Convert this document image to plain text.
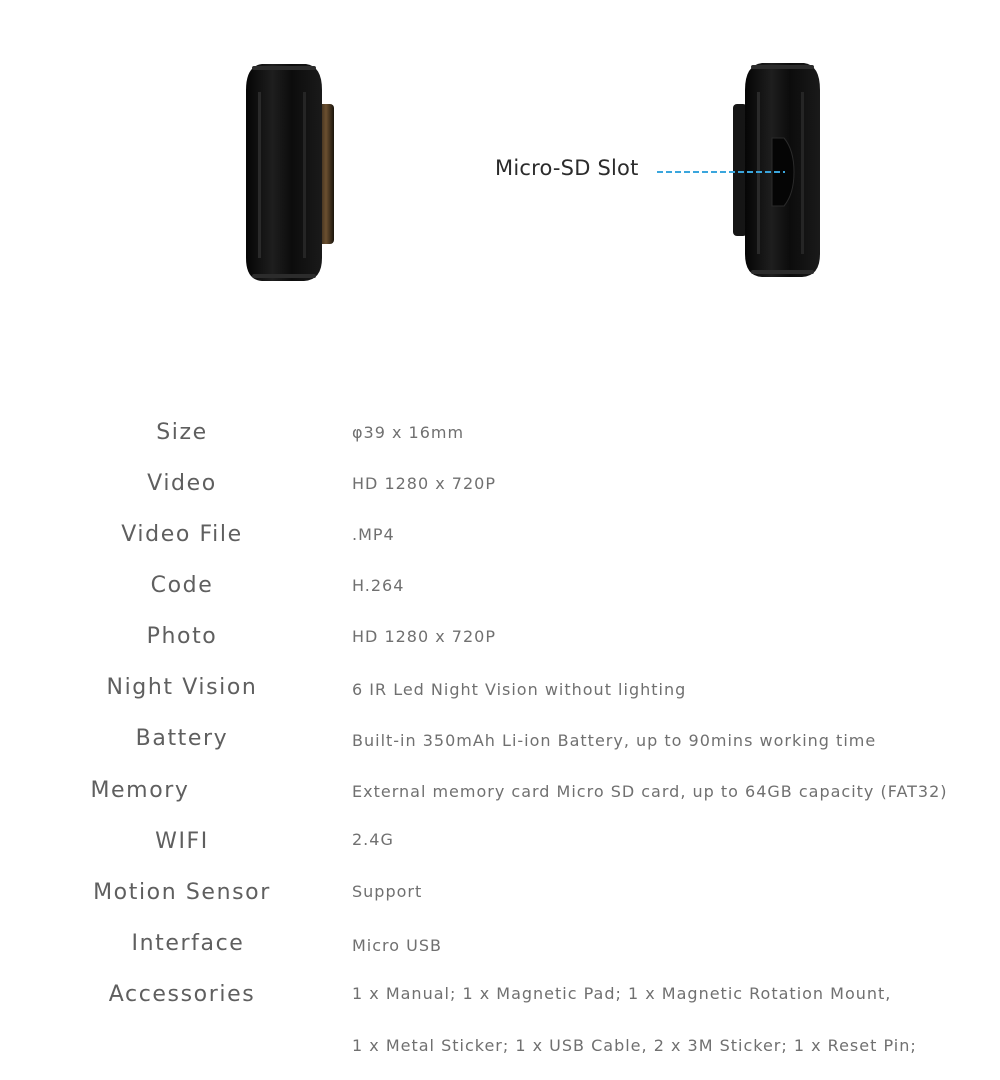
Micro-SD Slot
Size	φ39 x 16mm
Video	HD 1280 x 720P
Video File	.MP4
Code	H.264
Photo	HD 1280 x 720P
Night Vision	6 IR Led Night Vision without lighting
Battery	Built-in 350mAh Li-ion Battery, up to 90mins working time
Memory	External memory card Micro SD card, up to 64GB capacity (FAT32)
WIFI	2.4G
Motion Sensor	Support
Interface	Micro USB
Accessories	1 x Manual; 1 x Magnetic Pad; 1 x Magnetic Rotation Mount,
1 x Metal Sticker; 1 x USB Cable, 2 x 3M Sticker; 1 x Reset Pin;
